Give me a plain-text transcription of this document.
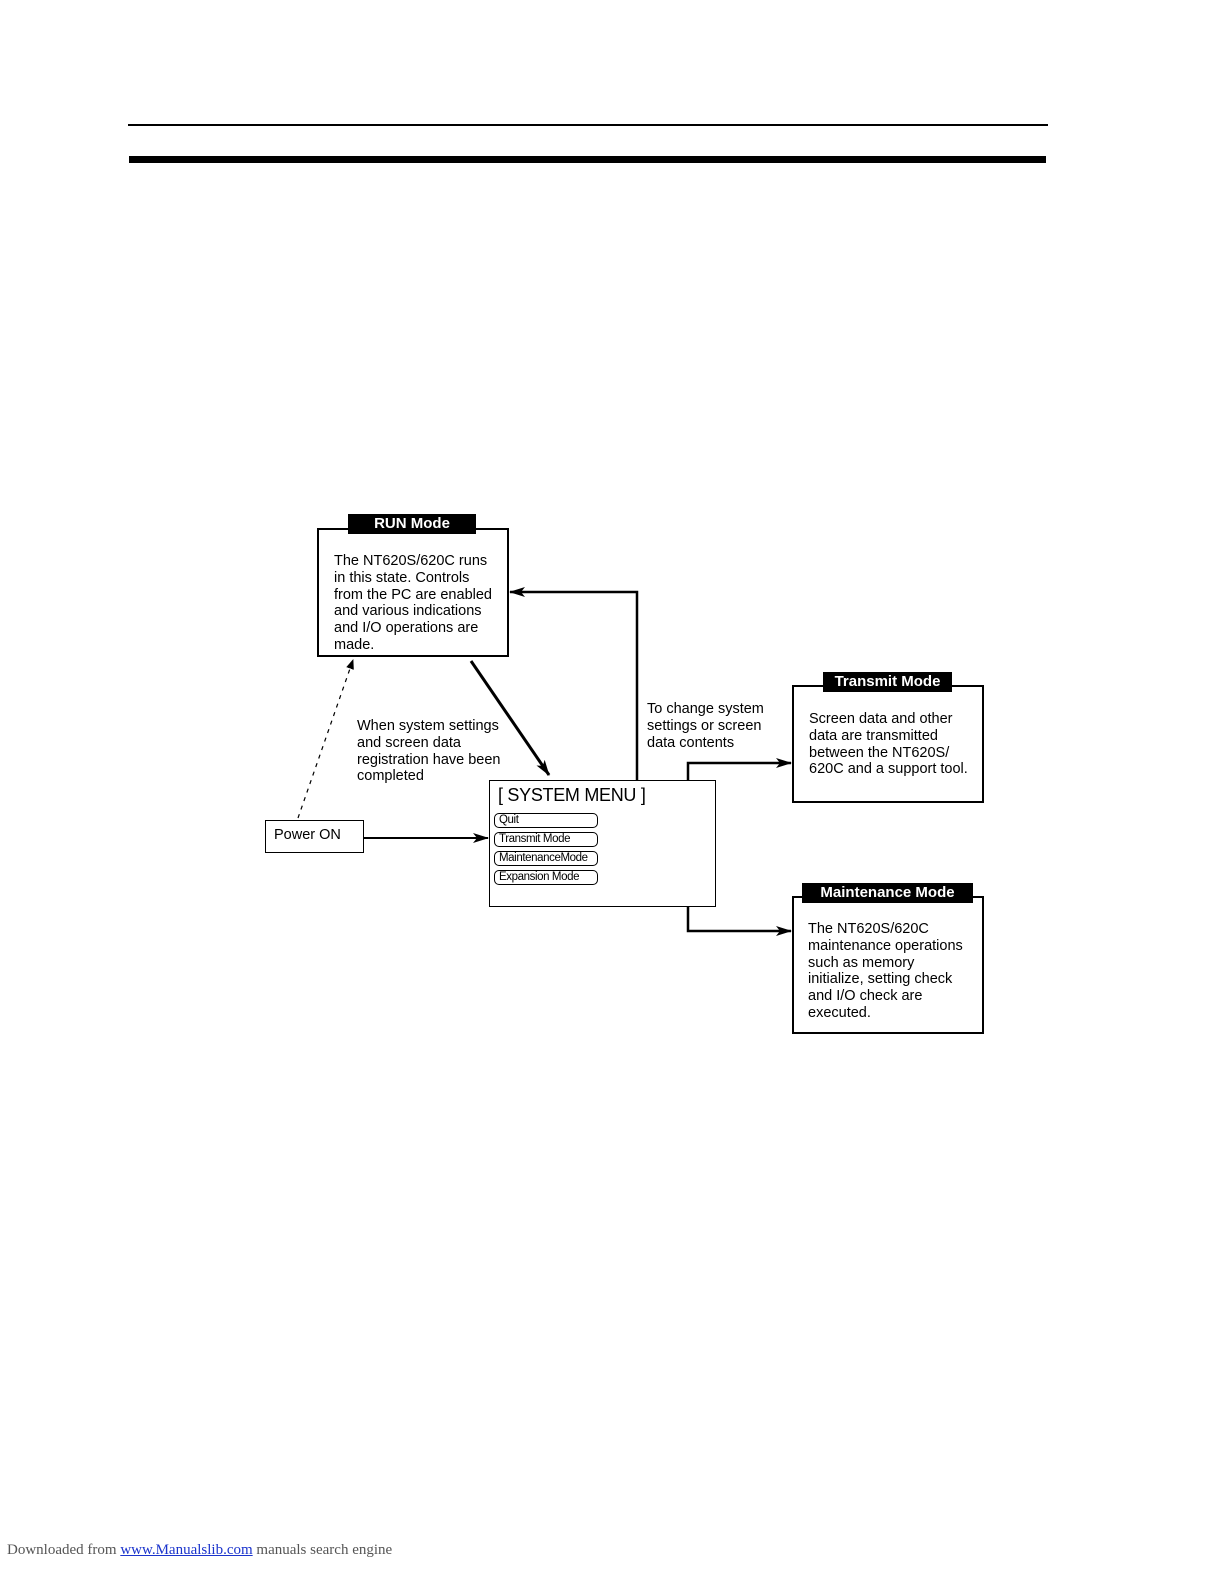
The NT620S/620C runs
in this state. Controls
from the PC are enabled
and various indications
and I/O operations are
made.
RUN Mode
Screen data and other
data are transmitted
between the NT620S/
620C and a support tool.
Transmit Mode
The NT620S/620C
maintenance operations
such as memory
initialize, setting check
and I/O check are
executed.
Maintenance Mode
Power ON
[ SYSTEM MENU ]
Quit
Transmit Mode
MaintenanceMode
Expansion Mode
When system settings
and screen data
registration have been
completed
To change system
settings or screen
data contents
Downloaded from www.Manualslib.com manuals search engine
